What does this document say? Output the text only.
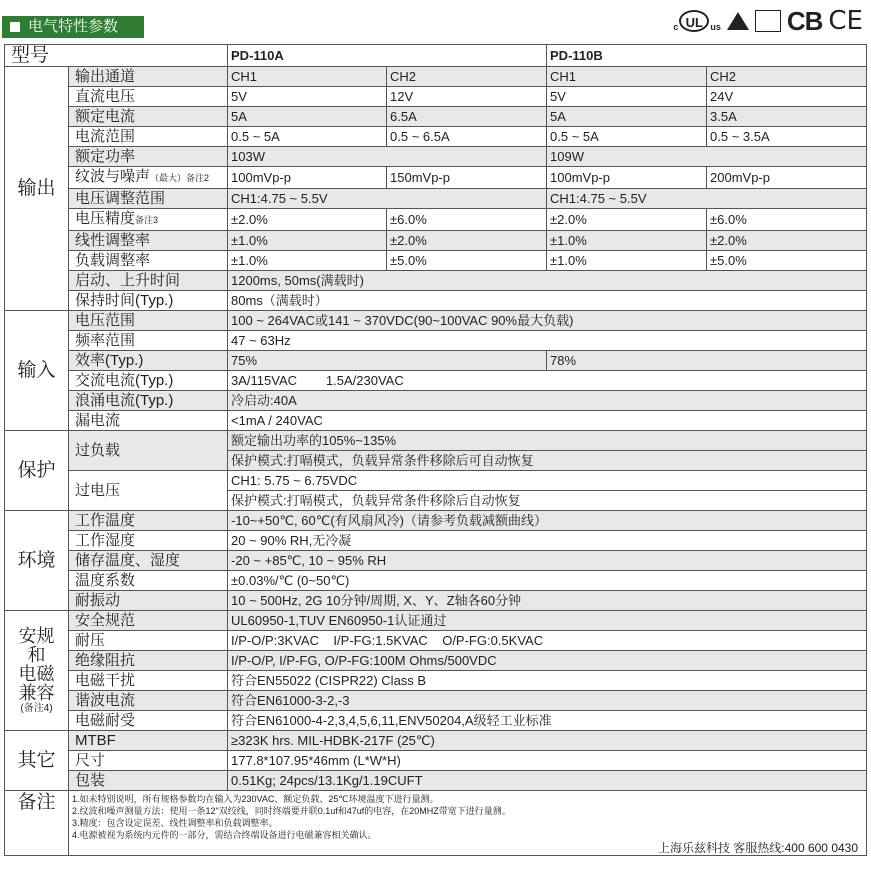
电气特性参数	c UL us	CB CE
型号		PD-110A		PD-110B	
输出	输出通道	CH1	CH2	CH1	CH2
	直流电压	5V	12V	5V	24V
	额定电流	5A	6.5A	5A	3.5A
	电流范围	0.5 ~ 5A	0.5 ~ 6.5A	0.5 ~ 5A	0.5 ~ 3.5A
	额定功率	103W		109W	
	纹波与噪声（最大）备注2	100mVp-p	150mVp-p	100mVp-p	200mVp-p
	电压调整范围	CH1:4.75 ~ 5.5V		CH1:4.75 ~ 5.5V	
	电压精度备注3	±2.0%	±6.0%	±2.0%	±6.0%
	线性调整率	±1.0%	±2.0%	±1.0%	±2.0%
	负载调整率	±1.0%	±5.0%	±1.0%	±5.0%
	启动、上升时间	1200ms, 50ms(满载时)			
	保持时间(Typ.)	80ms（满载时）			
输入	电压范围	100 ~ 264VAC或141 ~ 370VDC(90~100VAC 90%最大负载)			
	频率范围	47 ~ 63Hz			
	效率(Typ.)	75%		78%	
	交流电流(Typ.)	3A/115VAC        1.5A/230VAC			
	浪涌电流(Typ.)	冷启动:40A			
	漏电流	<1mA / 240VAC			
保护	过负载	额定输出功率的105%~135%			
		保护模式:打嗝模式，负载异常条件移除后可自动恢复			
	过电压	CH1: 5.75 ~ 6.75VDC			
		保护模式:打嗝模式，负载异常条件移除后自动恢复			
环境	工作温度	-10~+50℃, 60℃(有风扇风冷)（请参考负载减额曲线）			
	工作湿度	20 ~ 90% RH,无冷凝			
	储存温度、湿度	-20 ~ +85℃, 10 ~ 95% RH			
	温度系数	±0.03%/℃ (0~50℃)			
	耐振动	10 ~ 500Hz, 2G 10分钟/周期, X、Y、Z轴各60分钟			

安规
和
电磁
兼容
(备注4)	安全规范	UL60950-1,TUV EN60950-1认证通过			
	耐压	I/P-O/P:3KVAC    I/P-FG:1.5KVAC    O/P-FG:0.5KVAC			
	绝缘阻抗	I/P-O/P, I/P-FG, O/P-FG:100M Ohms/500VDC			
	电磁干扰	符合EN55022 (CISPR22) Class B			
	谐波电流	符合EN61000-3-2,-3			
	电磁耐受	符合EN61000-4-2,3,4,5,6,11,ENV50204,A级轻工业标准			
其它	MTBF	≥323K hrs. MIL-HDBK-217F (25℃)			
	尺寸	177.8*107.95*46mm (L*W*H)			
	包装	0.51Kg; 24pcs/13.1Kg/1.19CUFT			
备注	1.如未特别说明，所有规格参数均在输入为230VAC、额定负载、25℃环境温度下进行量测。
2.纹波和噪声测量方法：使用一条12"双绞线，同时终端要并联0.1uf和47uf的电容，在20MHZ带宽下进行量测。
3.精度：包含设定误差、线性调整率和负载调整率。
4.电源被视为系统内元件的一部分，需结合终端设备进行电磁兼容相关确认。
上海乐兹科技 客服热线:400 600 0430				
